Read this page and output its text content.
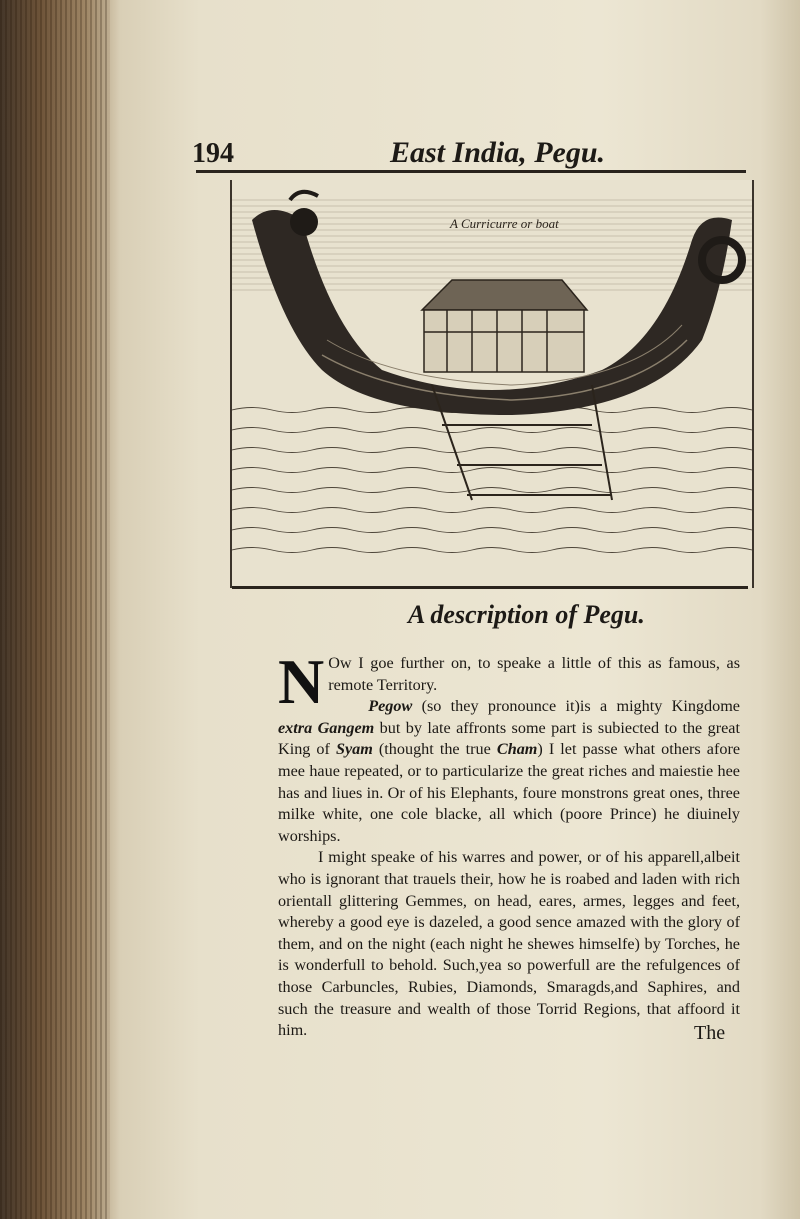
194	East India, Pegu.
A Curricurre or boat
A description of Pegu.

N Ow I goe further on, to speake a little of this as famous, as remote Territory.

Pegow (so they pronounce it)is a mighty Kingdome extra Gangem but by late affronts some part is subiected to the great King of Syam (thought the true Cham) I let passe what others afore mee haue repeated, or to particularize the great riches and maiestie hee has and liues in. Or of his Elephants, foure monstrons great ones, three milke white, one cole blacke, all which (poore Prince) he diuinely worships.

I might speake of his warres and power, or of his apparell,albeit who is ignorant that trauels their, how he is roabed and laden with rich orientall glittering Gemmes, on head, eares, armes, legges and feet, whereby a good eye is dazeled, a good sence amazed with the glory of them, and on the night (each night he shewes himselfe) by Torches, he is wonderfull to behold. Such,yea so powerfull are the refulgences of those Carbuncles, Rubies, Diamonds, Smaragds,and Saphires, and such the treasure and wealth of those Torrid Regions, that affoord it him.	The
